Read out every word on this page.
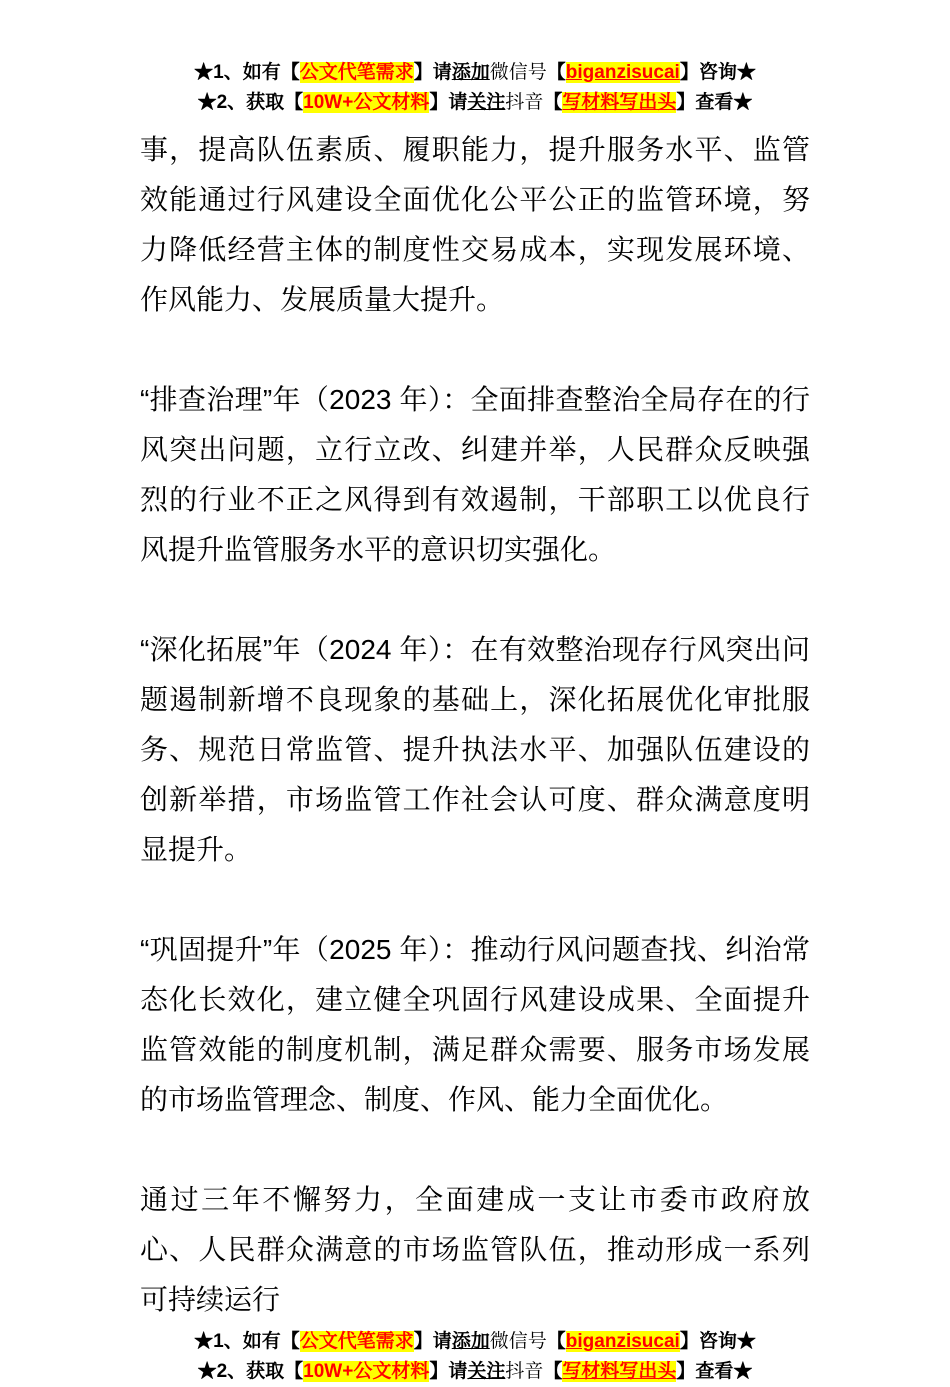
★1、如有【公文代笔需求】请添加微信号【biganzisucai】咨询★
★2、获取【10W+公文材料】请关注抖音【写材料写出头】查看★

事，提高队伍素质、履职能力，提升服务水平、监管效能通过行风建设全面优化公平公正的监管环境，努力降低经营主体的制度性交易成本，实现发展环境、作风能力、发展质量大提升。

“排查治理”年（2023 年）：全面排查整治全局存在的行风突出问题，立行立改、纠建并举，人民群众反映强烈的行业不正之风得到有效遏制，干部职工以优良行风提升监管服务水平的意识切实强化。

“深化拓展”年（2024 年）：在有效整治现存行风突出问题遏制新增不良现象的基础上，深化拓展优化审批服务、规范日常监管、提升执法水平、加强队伍建设的创新举措，市场监管工作社会认可度、群众满意度明显提升。

“巩固提升”年（2025 年）：推动行风问题查找、纠治常态化长效化，建立健全巩固行风建设成果、全面提升监管效能的制度机制，满足群众需要、服务市场发展的市场监管理念、制度、作风、能力全面优化。

通过三年不懈努力，全面建成一支让市委市政府放心、人民群众满意的市场监管队伍，推动形成一系列可持续运行

★1、如有【公文代笔需求】请添加微信号【biganzisucai】咨询★
★2、获取【10W+公文材料】请关注抖音【写材料写出头】查看★
